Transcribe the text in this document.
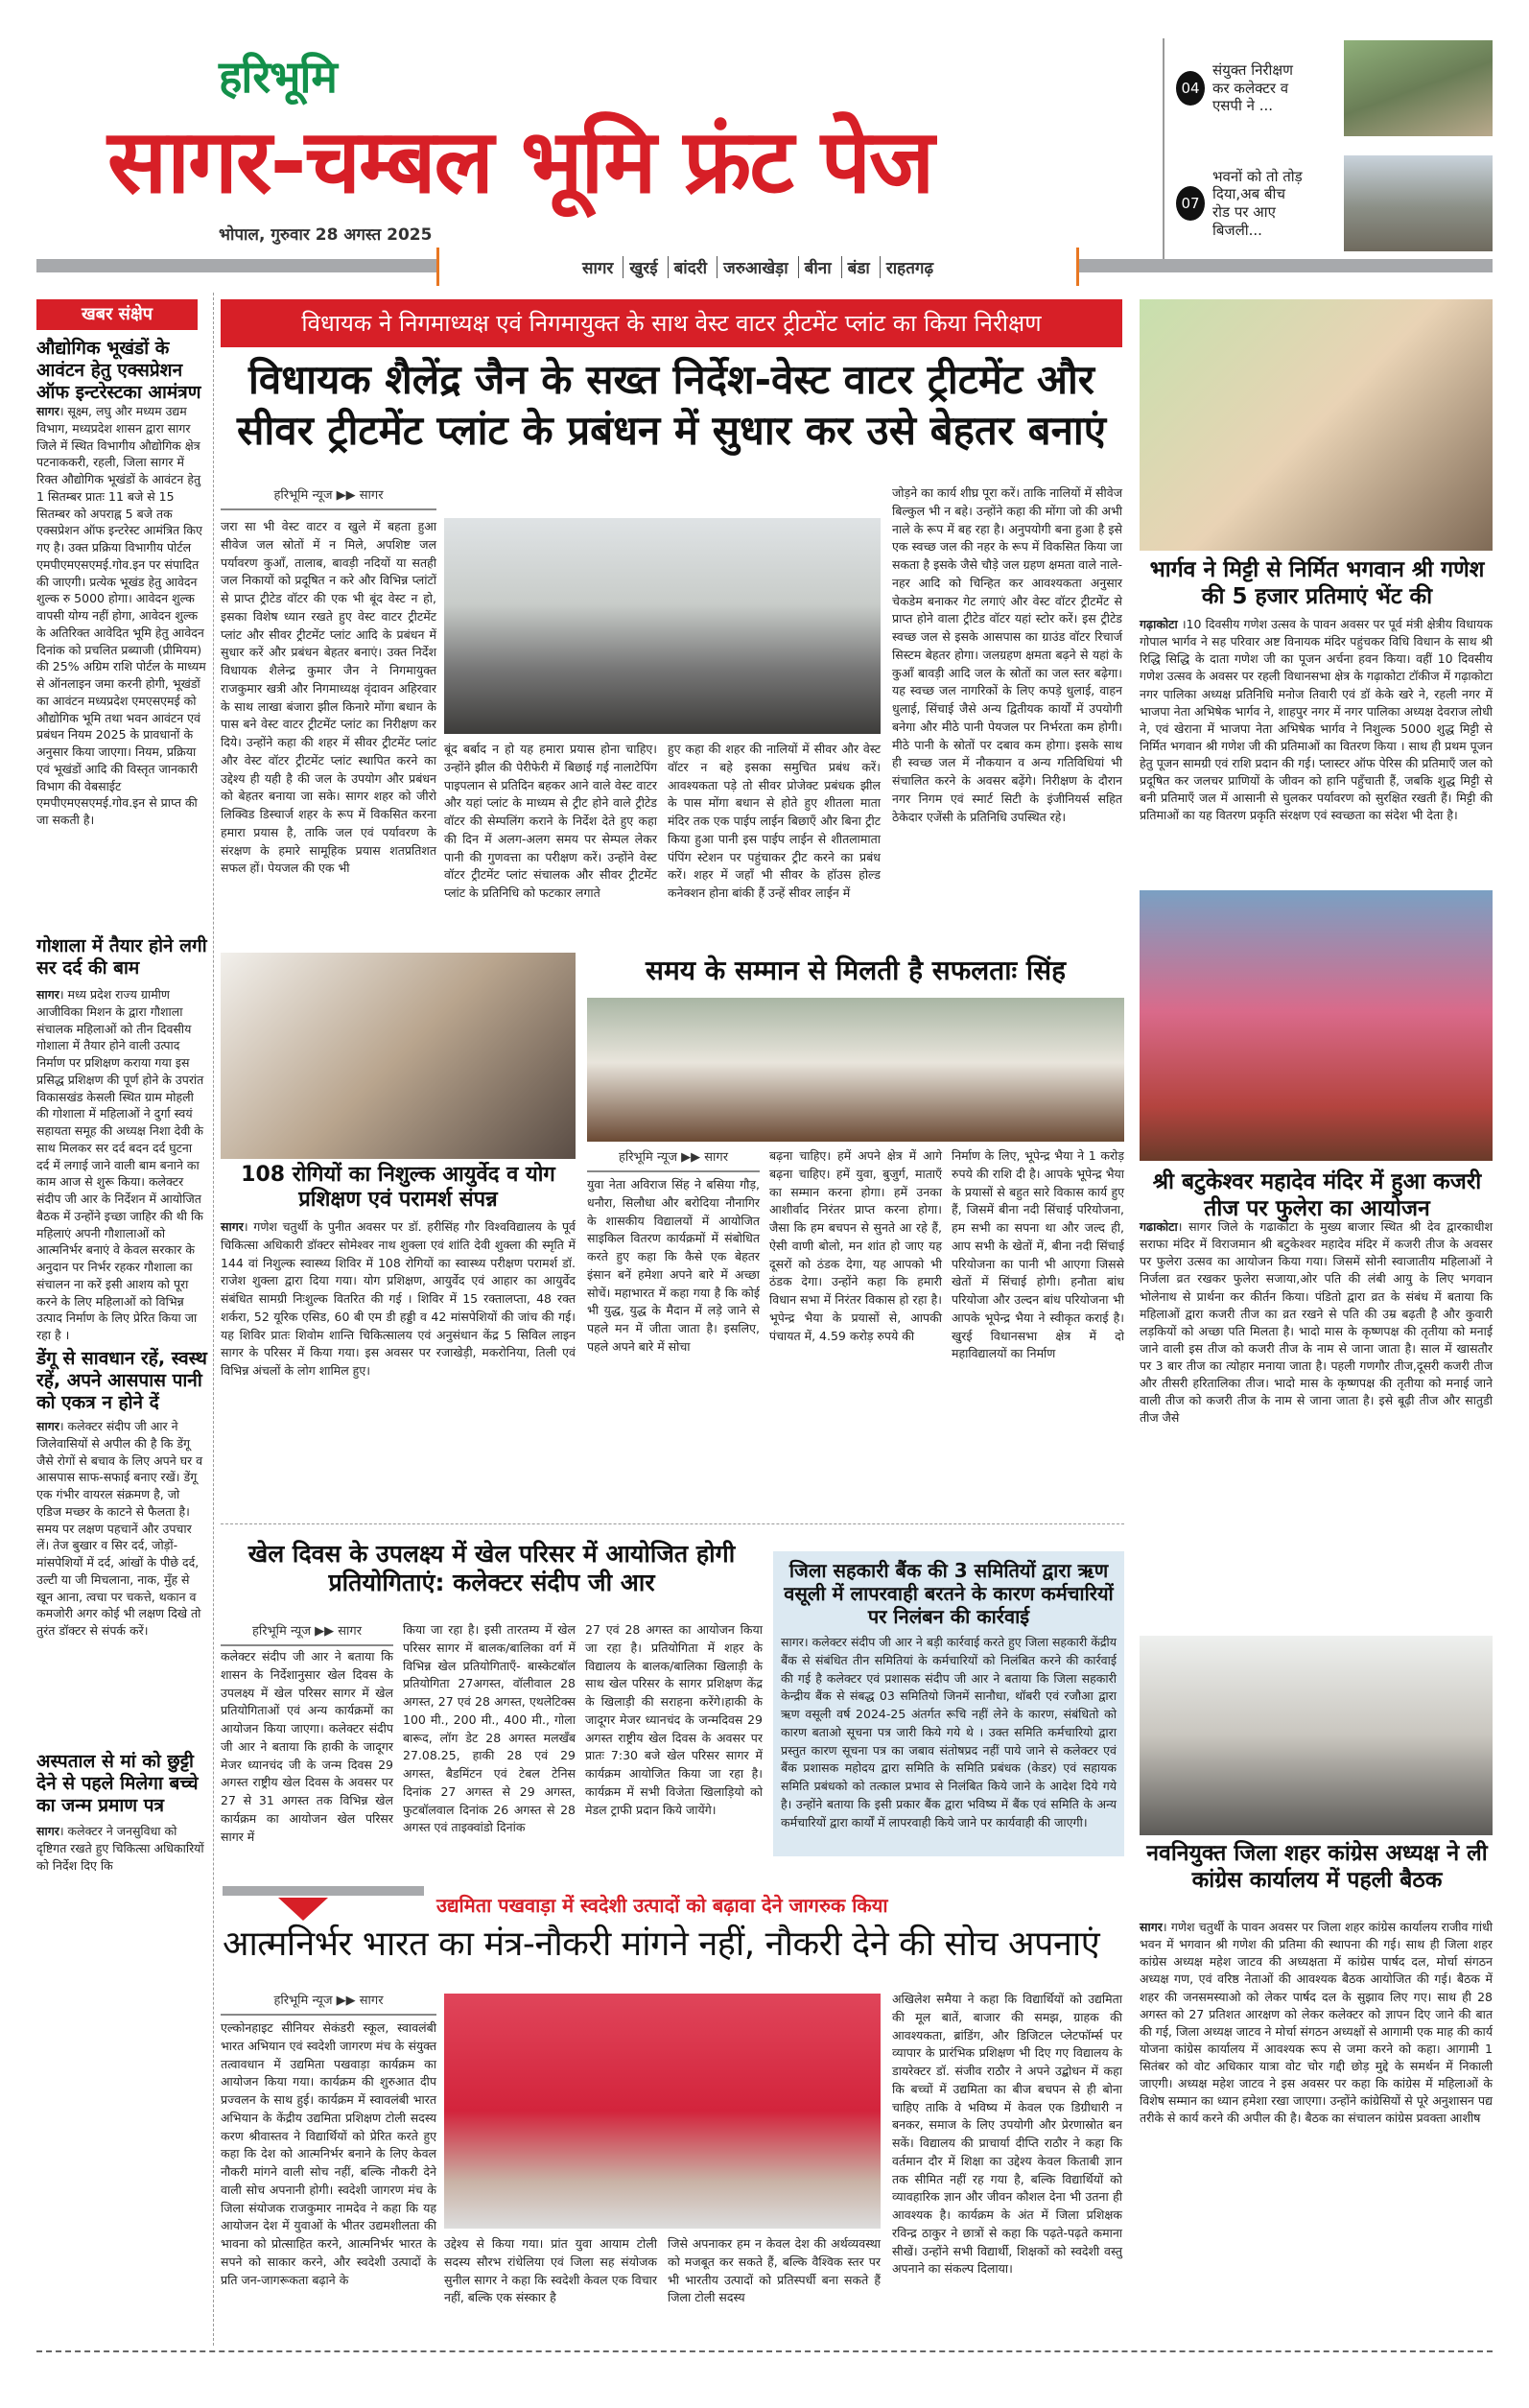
हरिभूमि
सागर-चम्बल भूमि फ्रंट पेज
भोपाल, गुरुवार 28 अगस्त 2025
सागर	खुरई	बांदरी	जरुआखेड़ा	बीना	बंडा	राहतगढ़
04
संयुक्त निरीक्षण कर कलेक्टर व एसपी ने ...
07
भवनों को तो तोड़ दिया,अब बीच रोड पर आए बिजली...
खबर संक्षेप
औद्योगिक भूखंडों के आवंटन हेतु एक्सप्रेशन ऑफ इन्टरेस्टका आमंत्रण
सागर। सूक्ष्म, लघु और मध्यम उद्यम विभाग, मध्यप्रदेश शासन द्वारा सागर जिले में स्थित विभागीय औद्योगिक क्षेत्र पटनाककरी, रहली, जिला सागर में रिक्त औद्योगिक भूखंडों के आवंटन हेतु 1 सितम्बर प्रातः 11 बजे से 15 सितम्बर को अपराह्न 5 बजे तक एक्सप्रेशन ऑफ इन्टरेस्ट आमंत्रित किए गए है। उक्त प्रक्रिया विभागीय पोर्टल एमपीएमएसएमई.गोव.इन पर संपादित की जाएगी। प्रत्येक भूखंड हेतु आवेदन शुल्क रु 5000 होगा। आवेदन शुल्क वापसी योग्य नहीं होगा, आवेदन शुल्क के अतिरिक्त आवेदित भूमि हेतु आवेदन दिनांक को प्रचलित प्रब्याजी (प्रीमियम) की 25% अग्रिम राशि पोर्टल के माध्यम से ऑनलाइन जमा करनी होगी, भूखंडों का आवंटन मध्यप्रदेश एमएसएमई को औद्योगिक भूमि तथा भवन आवंटन एवं प्रबंधन नियम 2025 के प्रावधानों के अनुसार किया जाएगा। नियम, प्रक्रिया एवं भूखंडों आदि की विस्तृत जानकारी विभाग की वेबसाईट एमपीएमएसएमई.गोव.इन से प्राप्त की जा सकती है।
गोशाला में तैयार होने लगी सर दर्द की बाम
सागर। मध्य प्रदेश राज्य ग्रामीण आजीविका मिशन के द्वारा गौशाला संचालक महिलाओं को तीन दिवसीय गोशाला में तैयार होने वाली उत्पाद निर्माण पर प्रशिक्षण कराया गया इस प्रसिद्ध प्रशिक्षण की पूर्ण होने के उपरांत विकासखंड केसली स्थित ग्राम मोहली की गोशाला में महिलाओं ने दुर्गा स्वयं सहायता समूह की अध्यक्ष निशा देवी के साथ मिलकर सर दर्द बदन दर्द घुटना दर्द में लगाई जाने वाली बाम बनाने का काम आज से शुरू किया। कलेक्टर संदीप जी आर के निर्देशन में आयोजित बैठक में उन्होंने इच्छा जाहिर की थी कि महिलाएं अपनी गौशालाओं को आत्मनिर्भर बनाएं वे केवल सरकार के अनुदान पर निर्भर रहकर गौशाला का संचालन ना करें इसी आशय को पूरा करने के लिए महिलाओं को विभिन्न उत्पाद निर्माण के लिए प्रेरित किया जा रहा है ।
डेंगू से सावधान रहें, स्वस्थ रहें, अपने आसपास पानी को एकत्र न होने दें
सागर। कलेक्टर संदीप जी आर ने जिलेवासियों से अपील की है कि डेंगू जैसे रोगों से बचाव के लिए अपने घर व आसपास साफ-सफाई बनाए रखें। डेंगू एक गंभीर वायरल संक्रमण है, जो एडिज मच्छर के काटने से फैलता है। समय पर लक्षण पहचानें और उपचार लें। तेज बुखार व सिर दर्द, जोड़ों-मांसपेशियों में दर्द, आंखों के पीछे दर्द, उल्टी या जी मिचलाना, नाक, मुँह से खून आना, त्वचा पर चकत्ते, थकान व कमजोरी अगर कोई भी लक्षण दिखे तो तुरंत डॉक्टर से संपर्क करें।
अस्पताल से मां को छुट्टी देने से पहले मिलेगा बच्चे का जन्म प्रमाण पत्र
सागर। कलेक्टर ने जनसुविधा को दृष्टिगत रखते हुए चिकित्सा अधिकारियों को निर्देश दिए कि
विधायक ने निगमाध्यक्ष एवं निगमायुक्त के साथ वेस्ट वाटर ट्रीटमेंट प्लांट का किया निरीक्षण
विधायक शैलेंद्र जैन के सख्त निर्देश-वेस्ट वाटर ट्रीटमेंट और सीवर ट्रीटमेंट प्लांट के प्रबंधन में सुधार कर उसे बेहतर बनाएं
हरिभूमि न्यूज ▶▶ सागर
जरा सा भी वेस्ट वाटर व खुले में बहता हुआ सीवेज जल स्रोतों में न मिले, अपशिष्ट जल पर्यावरण कुआँ, तालाब, बावड़ी नदियों या सतही जल निकायों को प्रदूषित न करे और विभिन्न प्लांटों से प्राप्त ट्रीटेड वॉटर की एक भी बूंद वेस्ट न हो, इसका विशेष ध्यान रखते हुए वेस्ट वाटर ट्रीटमेंट प्लांट और सीवर ट्रीटमेंट प्लांट आदि के प्रबंधन में सुधार करें और प्रबंधन बेहतर बनाएं। उक्त निर्देश विधायक शैलेन्द्र कुमार जैन ने निगमायुक्त राजकुमार खत्री और निगमाध्यक्ष वृंदावन अहिरवार के साथ लाखा बंजारा झील किनारे मोंगा बधान के पास बने वेस्ट वाटर ट्रीटमेंट प्लांट का निरीक्षण कर दिये। उन्होंने कहा की शहर में सीवर ट्रीटमेंट प्लांट और वेस्ट वॉटर ट्रीटमेंट प्लांट स्थापित करने का उद्देश्य ही यही है की जल के उपयोग और प्रबंधन को बेहतर बनाया जा सके। सागर शहर को जीरो लिक्विड डिस्चार्ज शहर के रूप में विकसित करना हमारा प्रयास है, ताकि जल एवं पर्यावरण के संरक्षण के हमारे सामूहिक प्रयास शतप्रतिशत सफल हों। पेयजल की एक भी
बूंद बर्बाद न हो यह हमारा प्रयास होना चाहिए। उन्होंने झील की पेरीफेरी में बिछाई गई नालाटेपिंग पाइपलान से प्रतिदिन बहकर आने वाले वेस्ट वाटर और यहां प्लांट के माध्यम से ट्रीट होने वाले ट्रीटेड वॉटर की सेम्पलिंग कराने के निर्देश देते हुए कहा की दिन में अलग-अलग समय पर सेम्पल लेकर पानी की गुणवत्ता का परीक्षण करें। उन्होंने वेस्ट वॉटर ट्रीटमेंट प्लांट संचालक और सीवर ट्रीटमेंट प्लांट के प्रतिनिधि को फटकार लगाते
हुए कहा की शहर की नालियों में सीवर और वेस्ट वॉटर न बहे इसका समुचित प्रबंध करें। आवश्यकता पड़े तो सीवर प्रोजेक्ट प्रबंधक झील के पास मोंगा बधान से होते हुए शीतला माता मंदिर तक एक पाईप लाईन बिछाएँ और बिना ट्रीट किया हुआ पानी इस पाईप लाईन से शीतलामाता पंपिंग स्टेशन पर पहुंचाकर ट्रीट करने का प्रबंध करें। शहर में जहाँ भी सीवर के हॉउस होल्ड कनेक्शन होना बांकी हैं उन्हें सीवर लाईन में
जोड़ने का कार्य शीघ्र पूरा करें। ताकि नालियों में सीवेज बिल्कुल भी न बहे। उन्होंने कहा की मोंगा जो की अभी नाले के रूप में बह रहा है। अनुपयोगी बना हुआ है इसे एक स्वच्छ जल की नहर के रूप में विकसित किया जा सकता है इसके जैसे चौड़े जल ग्रहण क्षमता वाले नाले-नहर आदि को चिन्हित कर आवश्यकता अनुसार चेकडेम बनाकर गेट लगाएं और वेस्ट वॉटर ट्रीटमेंट से प्राप्त होने वाला ट्रीटेड वॉटर यहां स्टोर करें। इस ट्रीटेड स्वच्छ जल से इसके आसपास का ग्राउंड वॉटर रिचार्ज सिस्टम बेहतर होगा। जलग्रहण क्षमता बढ़ने से यहां के कुआँ बावड़ी आदि जल के स्रोतों का जल स्तर बढ़ेगा। यह स्वच्छ जल नागरिकों के लिए कपड़े धुलाई, वाहन धुलाई, सिंचाई जैसे अन्य द्वितीयक कार्यों में उपयोगी बनेगा और मीठे पानी पेयजल पर निर्भरता कम होगी। मीठे पानी के स्रोतों पर दबाव कम होगा। इसके साथ ही स्वच्छ जल में नौकयान व अन्य गतिविधियां भी संचालित करने के अवसर बढ़ेंगे। निरीक्षण के दौरान नगर निगम एवं स्मार्ट सिटी के इंजीनियर्स सहित ठेकेदार एजेंसी के प्रतिनिधि उपस्थित रहे।
108 रोगियों का निशुल्क आयुर्वेद व योग प्रशिक्षण एवं परामर्श संपन्न
सागर। गणेश चतुर्थी के पुनीत अवसर पर डॉ. हरीसिंह गौर विश्वविद्यालय के पूर्व चिकित्सा अधिकारी डॉक्टर सोमेश्वर नाथ शुक्ला एवं शांति देवी शुक्ला की स्मृति में 144 वां निशुल्क स्वास्थ्य शिविर में 108 रोगियों का स्वास्थ्य परीक्षण परामर्श डॉ. राजेश शुक्ला द्वारा दिया गया। योग प्रशिक्षण, आयुर्वेद एवं आहार का आयुर्वेद संबंधित सामग्री निःशुल्क वितरित की गई । शिविर में 15 रक्तालप्ता, 48 रक्त शर्करा, 52 यूरिक एसिड, 60 बी एम डी हड्डी व 42 मांसपेशियों की जांच की गई। यह शिविर प्रातः शिवोम शान्ति चिकित्सालय एवं अनुसंधान केंद्र 5 सिविल लाइन सागर के परिसर में किया गया। इस अवसर पर रजाखेड़ी, मकरोनिया, तिली एवं विभिन्न अंचलों के लोग शामिल हुए।
समय के सम्मान से मिलती है सफलताः सिंह
हरिभूमि न्यूज ▶▶ सागर
युवा नेता अविराज सिंह ने बसिया गौड़, धनौरा, सिलौधा और बरोदिया नौनागिर के शासकीय विद्यालयों में आयोजित साइकिल वितरण कार्यक्रमों में संबोधित करते हुए कहा कि कैसे एक बेहतर इंसान बनें हमेशा अपने बारे में अच्छा सोचें। महाभारत में कहा गया है कि कोई भी युद्ध, युद्ध के मैदान में लड़े जाने से पहले मन में जीता जाता है। इसलिए, पहले अपने बारे में सोचा
बढ़ना चाहिए। हमें अपने क्षेत्र में आगे बढ़ना चाहिए। हमें युवा, बुजुर्ग, माताएँ का सम्मान करना होगा। हमें उनका आशीर्वाद निरंतर प्राप्त करना होगा। जैसा कि हम बचपन से सुनते आ रहे हैं, ऐसी वाणी बोलो, मन शांत हो जाए यह दूसरों को ठंडक देगा, यह आपको भी ठंडक देगा। उन्होंने कहा कि हमारी विधान सभा में निरंतर विकास हो रहा है। भूपेन्द्र भैया के प्रयासों से, आपकी पंचायत में, 4.59 करोड़ रुपये की
निर्माण के लिए, भूपेन्द्र भैया ने 1 करोड़ रुपये की राशि दी है। आपके भूपेन्द्र भैया के प्रयासों से बहुत सारे विकास कार्य हुए हैं, जिसमें बीना नदी सिंचाई परियोजना, हम सभी का सपना था और जल्द ही, आप सभी के खेतों में, बीना नदी सिंचाई परियोजना का पानी भी आएगा जिससे खेतों में सिंचाई होगी। हनौता बांध परियोजा और उल्दन बांध परियोजना भी आपके भूपेन्द्र भैया ने स्वीकृत कराई है। खुरई विधानसभा क्षेत्र में दो महाविद्यालयों का निर्माण
खेल दिवस के उपलक्ष्य में खेल परिसर में आयोजित होगी प्रतियोगिताएं: कलेक्टर संदीप जी आर
हरिभूमि न्यूज ▶▶ सागर
कलेक्टर संदीप जी आर ने बताया कि शासन के निर्देशानुसार खेल दिवस के उपलक्ष्य में खेल परिसर सागर में खेल प्रतियोगिताओं एवं अन्य कार्यक्रमों का आयोजन किया जाएगा। कलेक्टर संदीप जी आर ने बताया कि हाकी के जादूगर मेजर ध्यानचंद जी के जन्म दिवस 29 अगस्त राष्ट्रीय खेल दिवस के अवसर पर 27 से 31 अगस्त तक विभिन्न खेल कार्यक्रम का आयोजन खेल परिसर सागर में
किया जा रहा है। इसी तारतम्य में खेल परिसर सागर में बालक/बालिका वर्ग में विभिन्न खेल प्रतियोगिताएँ- बास्केटबॉल प्रतियोगिता 27अगस्त, वॉलीवाल 28 अगस्त, 27 एवं 28 अगस्त, एथलेटिक्स 100 मी., 200 मी., 400 मी., गोला बारूद, लॉग डेट 28 अगस्त मलखँब 27.08.25, हाकी 28 एवं 29 अगस्त, बैडमिंटन एवं टेबल टेनिस दिनांक 27 अगस्त से 29 अगस्त, फुटबॉलवाल दिनांक 26 अगस्त से 28 अगस्त एवं ताइक्वांडो दिनांक
27 एवं 28 अगस्त का आयोजन किया जा रहा है। प्रतियोगिता में शहर के विद्यालय के बालक/बालिका खिलाड़ी के साथ खेल परिसर के सागर प्रशिक्षण केंद्र के खिलाड़ी की सराहना करेंगे।हाकी के जादूगर मेजर ध्यानचंद के जन्मदिवस 29 अगस्त राष्ट्रीय खेल दिवस के अवसर पर प्रातः 7:30 बजे खेल परिसर सागर में कार्यक्रम आयोजित किया जा रहा है। कार्यक्रम में सभी विजेता खिलाड़ियो को मेडल ट्राफी प्रदान किये जायेंगे।
जिला सहकारी बैंक की 3 समितियों द्वारा ऋण वसूली में लापरवाही बरतने के कारण कर्मचारियों पर निलंबन की कार्रवाई
सागर। कलेक्टर संदीप जी आर ने बड़ी कार्रवाई करते हुए जिला सहकारी केंद्रीय बैंक से संबंधित तीन समितियां के कर्मचारियों को निलंबित करने की कार्रवाई की गई है कलेक्टर एवं प्रशासक संदीप जी आर ने बताया कि जिला सहकारी केन्द्रीय बैंक से संबद्ध 03 समितियो जिनमें सानौधा, थॉबरी एवं रजौआ द्वारा ऋण वसूली वर्ष 2024-25 अंतर्गत रूचि नहीं लेने के कारण, संबंधितो को कारण बताओ सूचना पत्र जारी किये गये थे । उक्त समिति कर्मचारियो द्वारा प्रस्तुत कारण सूचना पत्र का जबाव संतोषप्रद नहीं पाये जाने से कलेक्टर एवं बैंक प्रशासक महोदय द्वारा समिति के समिति प्रबंधक (केडर) एवं सहायक समिति प्रबंधको को तत्काल प्रभाव से निलंबित किये जाने के आदेश दिये गये है। उन्होंने बताया कि इसी प्रकार बैंक द्वारा भविष्य में बैंक एवं समिति के अन्य कर्मचारियों द्वारा कार्यों में लापरवाही किये जाने पर कार्यवाही की जाएगी।
उद्यमिता पखवाड़ा में स्वदेशी उत्पादों को बढ़ावा देने जागरुक किया
आत्मनिर्भर भारत का मंत्र-नौकरी मांगने नहीं, नौकरी देने की सोच अपनाएं
हरिभूमि न्यूज ▶▶ सागर
एल्कोनहाइट सीनियर सेकंडरी स्कूल, स्वावलंबी भारत अभियान एवं स्वदेशी जागरण मंच के संयुक्त तत्वावधान में उद्यमिता पखवाड़ा कार्यक्रम का आयोजन किया गया। कार्यक्रम की शुरुआत दीप प्रज्वलन के साथ हुई। कार्यक्रम में स्वावलंबी भारत अभियान के केंद्रीय उद्यमिता प्रशिक्षण टोली सदस्य करण श्रीवास्तव ने विद्यार्थियों को प्रेरित करते हुए कहा कि देश को आत्मनिर्भर बनाने के लिए केवल नौकरी मांगने वाली सोच नहीं, बल्कि नौकरी देने वाली सोच अपनानी होगी। स्वदेशी जागरण मंच के जिला संयोजक राजकुमार नामदेव ने कहा कि यह आयोजन देश में युवाओं के भीतर उद्यमशीलता की भावना को प्रोत्साहित करने, आत्मनिर्भर भारत के सपने को साकार करने, और स्वदेशी उत्पादों के प्रति जन-जागरूकता बढ़ाने के
उद्देश्य से किया गया। प्रांत युवा आयाम टोली सदस्य सौरभ रांधेलिया एवं जिला सह संयोजक सुनील सागर ने कहा कि स्वदेशी केवल एक विचार नहीं, बल्कि एक संस्कार है
जिसे अपनाकर हम न केवल देश की अर्थव्यवस्था को मजबूत कर सकते हैं, बल्कि वैश्विक स्तर पर भी भारतीय उत्पादों को प्रतिस्पर्धी बना सकते हैं जिला टोली सदस्य
अखिलेश समैया ने कहा कि विद्यार्थियों को उद्यमिता की मूल बातें, बाजार की समझ, ग्राहक की आवश्यकता, ब्रांडिंग, और डिजिटल प्लेटफॉर्म्स पर व्यापार के प्रारंभिक प्रशिक्षण भी दिए गए विद्यालय के डायरेक्टर डॉ. संजीव राठौर ने अपने उद्बोधन में कहा कि बच्चों में उद्यमिता का बीज बचपन से ही बोना चाहिए ताकि वे भविष्य में केवल एक डिग्रीधारी न बनकर, समाज के लिए उपयोगी और प्रेरणास्रोत बन सकें। विद्यालय की प्राचार्या दीप्ति राठौर ने कहा कि वर्तमान दौर में शिक्षा का उद्देश्य केवल किताबी ज्ञान तक सीमित नहीं रह गया है, बल्कि विद्यार्थियों को व्यावहारिक ज्ञान और जीवन कौशल देना भी उतना ही आवश्यक है। कार्यक्रम के अंत में जिला प्रशिक्षक रविन्द्र ठाकुर ने छात्रों से कहा कि पढ़ते-पढ़ते कमाना सीखें। उन्होंने सभी विद्यार्थी, शिक्षकों को स्वदेशी वस्तु अपनाने का संकल्प दिलाया।
भार्गव ने मिट्टी से निर्मित भगवान श्री गणेश की 5 हजार प्रतिमाएं भेंट की
गढ़ाकोटा ।10 दिवसीय गणेश उत्सव के पावन अवसर पर पूर्व मंत्री क्षेत्रीय विधायक गोपाल भार्गव ने सह परिवार अष्ट विनायक मंदिर पहुंचकर विधि विधान के साथ श्री रिद्धि सिद्धि के दाता गणेश जी का पूजन अर्चना हवन किया। वहीं 10 दिवसीय गणेश उत्सव के अवसर पर रहली विधानसभा क्षेत्र के गढ़ाकोटा टॉकीज में गढ़ाकोटा नगर पालिका अध्यक्ष प्रतिनिधि मनोज तिवारी एवं डॉ केके खरे ने, रहली नगर में भाजपा नेता अभिषेक भार्गव ने, शाहपुर नगर में नगर पालिका अध्यक्ष देवराज लोधी ने, एवं खेराना में भाजपा नेता अभिषेक भार्गव ने निशुल्क 5000 शुद्ध मिट्टी से निर्मित भगवान श्री गणेश जी की प्रतिमाओं का वितरण किया । साथ ही प्रथम पूजन हेतु पूजन सामग्री एवं राशि प्रदान की गई। प्लास्टर ऑफ पेरिस की प्रतिमाएँ जल को प्रदूषित कर जलचर प्राणियों के जीवन को हानि पहुँचाती हैं, जबकि शुद्ध मिट्टी से बनी प्रतिमाएँ जल में आसानी से घुलकर पर्यावरण को सुरक्षित रखती हैं। मिट्टी की प्रतिमाओं का यह वितरण प्रकृति संरक्षण एवं स्वच्छता का संदेश भी देता है।
श्री बटुकेश्वर महादेव मंदिर में हुआ कजरी तीज पर फुलेरा का आयोजन
गढाकोटा। सागर जिले के गढाकोटा के मुख्य बाजार स्थित श्री देव द्वारकाधीश सराफा मंदिर में विराजमान श्री बटुकेश्वर महादेव मंदिर में कजरी तीज के अवसर पर फुलेरा उत्सव का आयोजन किया गया। जिसमें सोनी स्वाजातीय महिलाओं ने निर्जला व्रत रखकर फुलेरा सजाया,ओर पति की लंबी आयु के लिए भगवान भोलेनाथ से प्रार्थना कर कीर्तन किया। पंडितो द्वारा व्रत के संबंध में बताया कि महिलाओं द्वारा कजरी तीज का व्रत रखने से पति की उम्र बढ़ती है और कुवारी लड़कियों को अच्छा पति मिलता है। भादो मास के कृष्णपक्ष की तृतीया को मनाई जाने वाली इस तीज को कजरी तीज के नाम से जाना जाता है। साल में खासतौर पर 3 बार तीज का त्योहार मनाया जाता है। पहली गणगौर तीज,दूसरी कजरी तीज और तीसरी हरितालिका तीज। भादो मास के कृष्णपक्ष की तृतीया को मनाई जाने वाली तीज को कजरी तीज के नाम से जाना जाता है। इसे बूढ़ी तीज और सातुडी तीज जैसे
नवनियुक्त जिला शहर कांग्रेस अध्यक्ष ने ली कांग्रेस कार्यालय में पहली बैठक
सागर। गणेश चतुर्थी के पावन अवसर पर जिला शहर कांग्रेस कार्यालय राजीव गांधी भवन में भगवान श्री गणेश की प्रतिमा की स्थापना की गई। साथ ही जिला शहर कांग्रेस अध्यक्ष महेश जाटव की अध्यक्षता में कांग्रेस पार्षद दल, मोर्चा संगठन अध्यक्ष गण, एवं वरिष्ठ नेताओं की आवश्यक बैठक आयोजित की गई। बैठक में शहर की जनसमस्याओ को लेकर पार्षद दल के सुझाव लिए गए। साथ ही 28 अगस्त को 27 प्रतिशत आरक्षण को लेकर कलेक्टर को ज्ञापन दिए जाने की बात की गई, जिला अध्यक्ष जाटव ने मोर्चा संगठन अध्यक्षों से आगामी एक माह की कार्य योजना कांग्रेस कार्यालय में आवश्यक रूप से जमा करने को कहा। आगामी 1 सितंबर को वोट अधिकार यात्रा वोट चोर गद्दी छोड़ मुद्दे के समर्थन में निकाली जाएगी। अध्यक्ष महेश जाटव ने इस अवसर पर कहा कि कांग्रेस में महिलाओं के विशेष सम्मान का ध्यान हमेशा रखा जाएगा। उन्होंने कांग्रेसियों से पूरे अनुशासन पद्य तरीके से कार्य करने की अपील की है। बैठक का संचालन कांग्रेस प्रवक्ता आशीष
